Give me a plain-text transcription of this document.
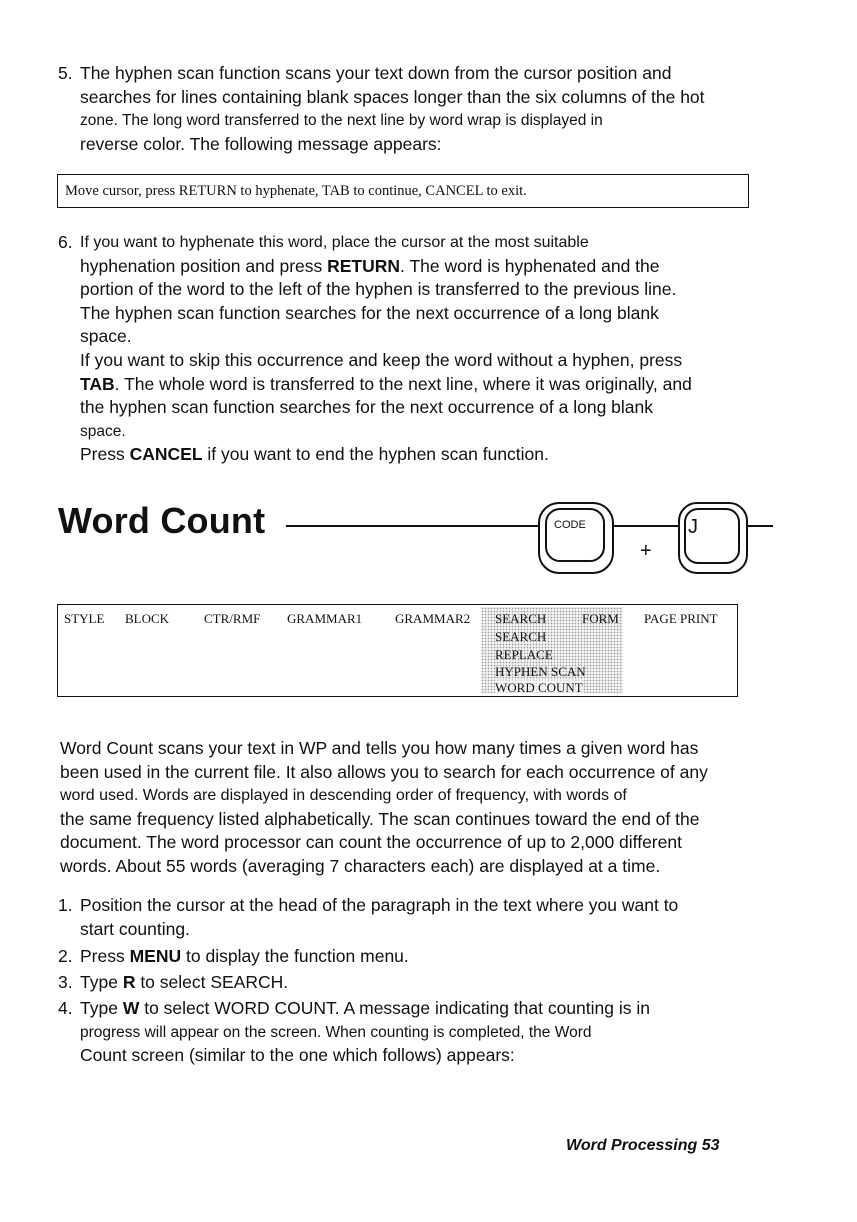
5. The hyphen scan function scans your text down from the cursor position and
searches for lines containing blank spaces longer than the six columns of the hot
zone. The long word transferred to the next line by word wrap is displayed in
reverse color. The following message appears:
Move cursor, press RETURN to hyphenate, TAB to continue, CANCEL to exit.
6. If you want to hyphenate this word, place the cursor at the most suitable
hyphenation position and press RETURN. The word is hyphenated and the
portion of the word to the left of the hyphen is transferred to the previous line.
The hyphen scan function searches for the next occurrence of a long blank
space.
If you want to skip this occurrence and keep the word without a hyphen, press
TAB. The whole word is transferred to the next line, where it was originally, and
the hyphen scan function searches for the next occurrence of a long blank
space.
Press CANCEL if you want to end the hyphen scan function.
Word Count	CODE
+
J
SEARCH
REPLACE
HYPHEN SCAN
WORD COUNT
STYLE BLOCK	CTR/RMF GRAMMAR1	GRAMMAR2 SEARCH	FORM PAGE PRINT
Word Count scans your text in WP and tells you how many times a given word has
been used in the current file. It also allows you to search for each occurrence of any
word used. Words are displayed in descending order of frequency, with words of
the same frequency listed alphabetically. The scan continues toward the end of the
document. The word processor can count the occurrence of up to 2,000 different
words. About 55 words (averaging 7 characters each) are displayed at a time.
1. Position the cursor at the head of the paragraph in the text where you want to
start counting.
2. Press MENU to display the function menu.
3. Type R to select SEARCH.
4. Type W to select WORD COUNT. A message indicating that counting is in
progress will appear on the screen. When counting is completed, the Word
Count screen (similar to the one which follows) appears:
Word Processing 53
